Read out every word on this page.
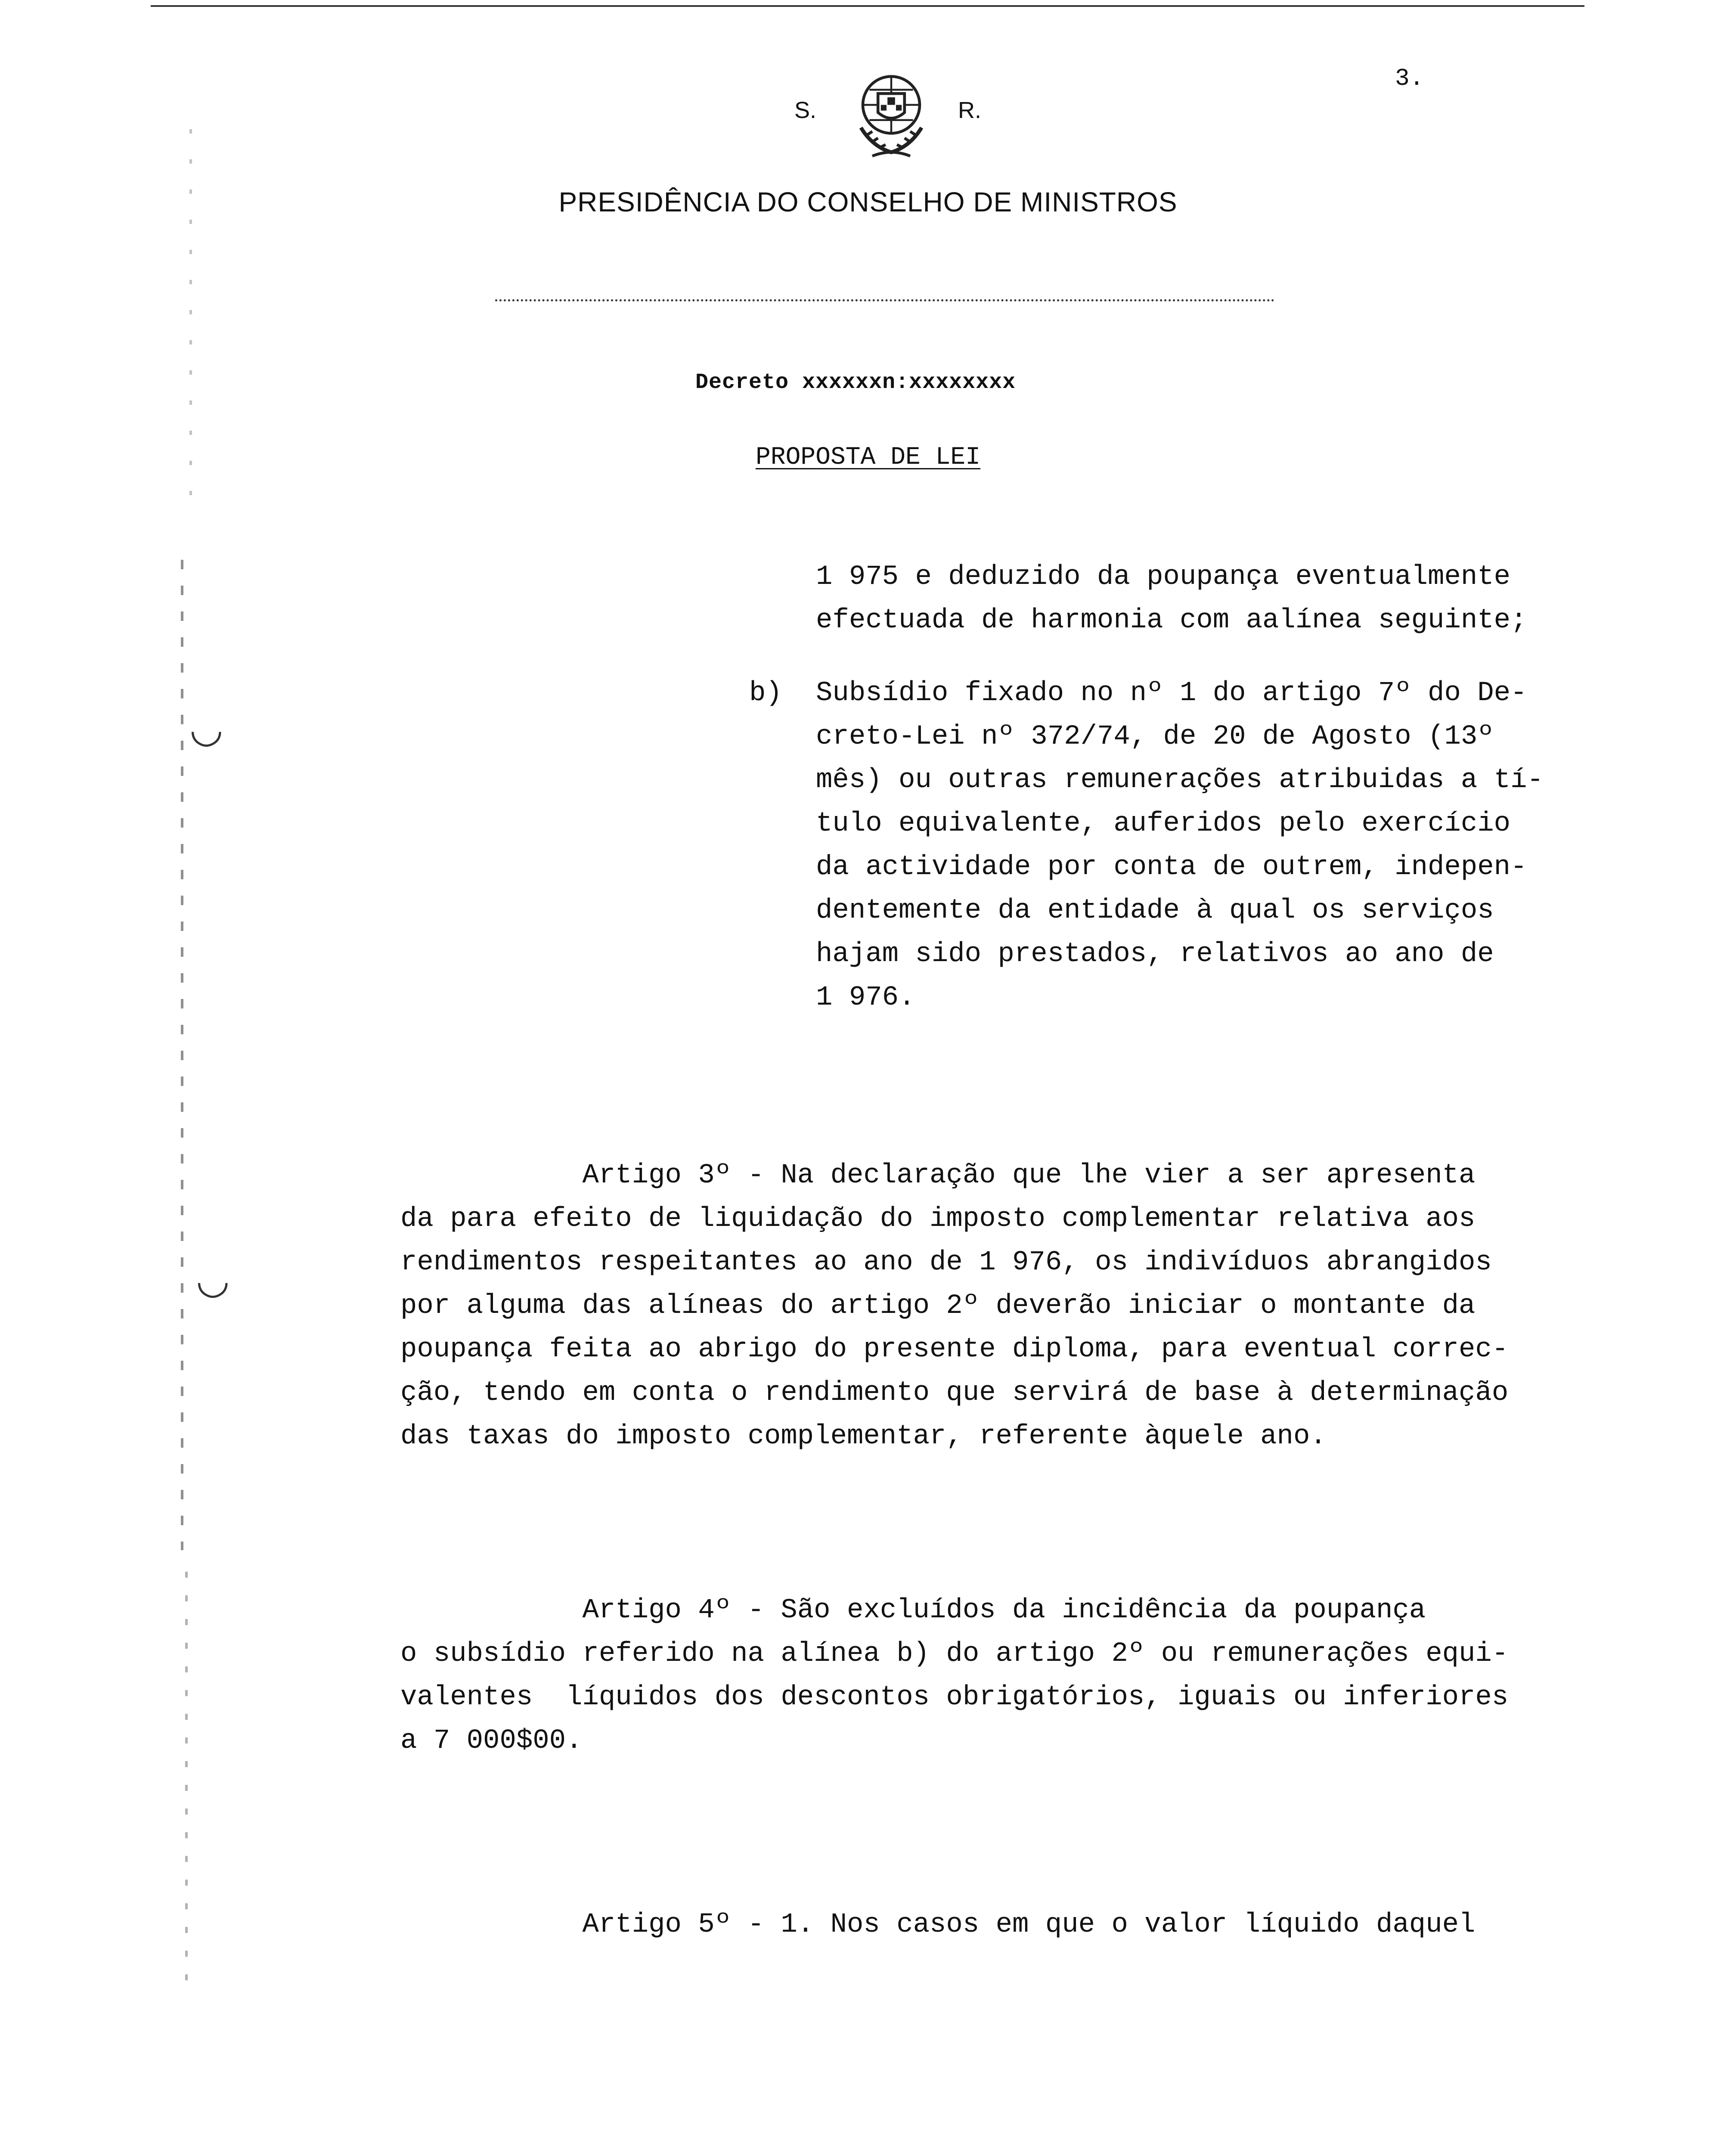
◡
◡
3.
S.	R.
PRESIDÊNCIA DO CONSELHO DE MINISTROS
Decreto xxxxxxn:xxxxxxxx
PROPOSTA DE LEI
1 975 e deduzido da poupança eventualmente
efectuada de harmonia com aalínea seguinte;
b) Subsídio fixado no nº 1 do artigo 7º do De-
creto-Lei nº 372/74, de 20 de Agosto (13º
mês) ou outras remunerações atribuidas a tí-
tulo equivalente, auferidos pelo exercício
da actividade por conta de outrem, indepen-
dentemente da entidade à qual os serviços
hajam sido prestados, relativos ao ano de
1 976.
Artigo 3º - Na declaração que lhe vier a ser apresenta
da para efeito de liquidação do imposto complementar relativa aos
rendimentos respeitantes ao ano de 1 976, os indivíduos abrangidos
por alguma das alíneas do artigo 2º deverão iniciar o montante da
poupança feita ao abrigo do presente diploma, para eventual correc-
ção, tendo em conta o rendimento que servirá de base à determinação
das taxas do imposto complementar, referente àquele ano.
Artigo 4º - São excluídos da incidência da poupança
o subsídio referido na alínea b) do artigo 2º ou remunerações equi-
valentes  líquidos dos descontos obrigatórios, iguais ou inferiores
a 7 000$00.
Artigo 5º - 1. Nos casos em que o valor líquido daquel
